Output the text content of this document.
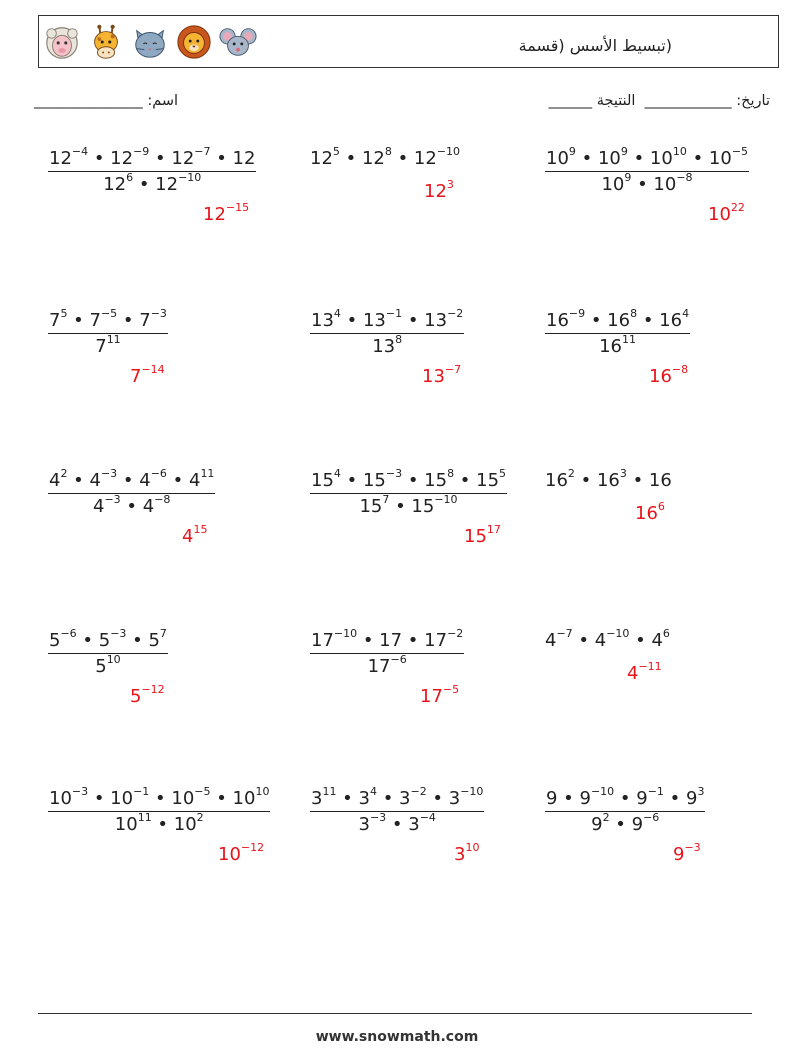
(تبسيط الأسس (قسمة
اسم: _______________	تاريخ: ____________  النتيجة ______
$\frac{12^{-4} • 12^{-9} • 12^{-7} • 12}{12^6 • 12^{-10}}$
$12^{-15}$
$12^5$ • $12^8$ • $12^{-10}$
$12^3$	$\frac{10^9 • 10^9 • 10^{10} • 10^{-5}}{10^9 • 10^{-8}}$
$10^{22}$
$\frac{7^5 • 7^{-5} • 7^{-3}}{7^{11}}$
$7^{-14}$
$\frac{13^4 • 13^{-1} • 13^{-2}}{13^8}$
$13^{-7}$
$\frac{16^{-9} • 16^8 • 16^4}{16^{11}}$
$16^{-8}$
$\frac{4^2 • 4^{-3} • 4^{-6} • 4^{11}}{4^{-3} • 4^{-8}}$
$4^{15}$
$\frac{15^4 • 15^{-3} • 15^8 • 15^5}{15^7 • 15^{-10}}$
$15^{17}$
$16^2$ • $16^3$ • 16
$16^6$
$\frac{5^{-6} • 5^{-3} • 5^7}{5^{10}}$
$5^{-12}$
$\frac{17^{-10} • 17 • 17^{-2}}{17^{-6}}$
$17^{-5}$
$4^{-7}$ • $4^{-10}$ • $4^6$
$4^{-11}$
$\frac{10^{-3} • 10^{-1} • 10^{-5} • 10^{10}}{10^{11} • 10^2}$
$10^{-12}$
$\frac{3^{11} • 3^4 • 3^{-2} • 3^{-10}}{3^{-3} • 3^{-4}}$
$3^{10}$
$\frac{9 • 9^{-10} • 9^{-1} • 9^3}{9^2 • 9^{-6}}$
$9^{-3}$
www.snowmath.com
